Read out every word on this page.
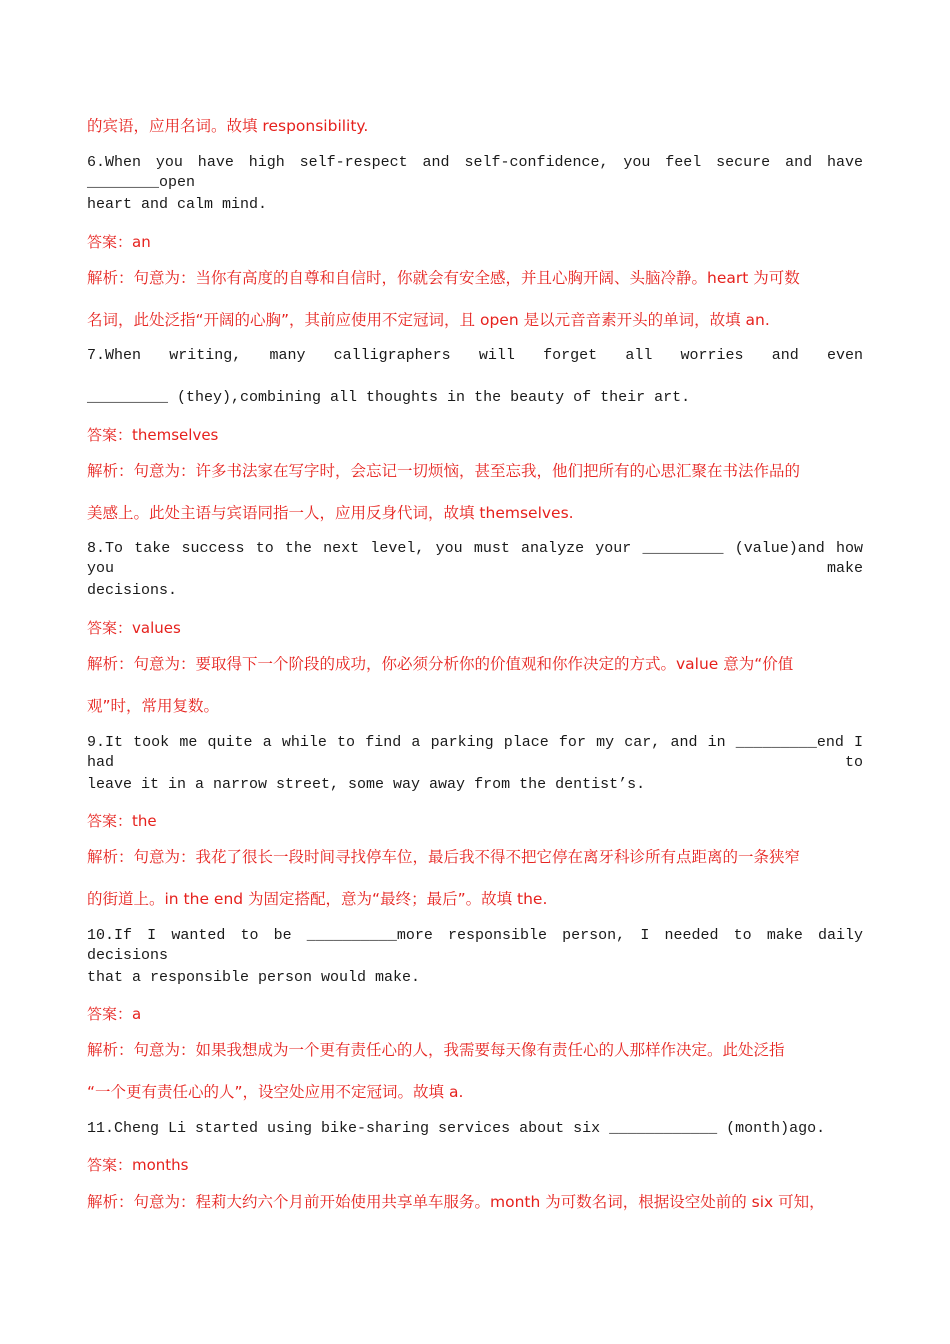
的宾语，应用名词。故填 responsibility.
6.When you have high self-respect and self-confidence, you feel secure and have ________open
heart and calm mind.
答案：an
解析：句意为：当你有高度的自尊和自信时，你就会有安全感，并且心胸开阔、头脑冷静。heart 为可数
名词，此处泛指“开阔的心胸”，其前应使用不定冠词，且 open 是以元音音素开头的单词，故填 an.
7.When writing, many calligraphers will forget all worries and even
_________ (they),combining all thoughts in the beauty of their art.
答案：themselves
解析：句意为：许多书法家在写字时，会忘记一切烦恼，甚至忘我，他们把所有的心思汇聚在书法作品的
美感上。此处主语与宾语同指一人，应用反身代词，故填 themselves.
8.To take success to the next level, you must analyze your _________ (value)and how you make
decisions.
答案：values
解析：句意为：要取得下一个阶段的成功，你必须分析你的价值观和你作决定的方式。value 意为“价值
观”时，常用复数。
9.It took me quite a while to find a parking place for my car, and in _________end I had to
leave it in a narrow street, some way away from the dentist’s.
答案：the
解析：句意为：我花了很长一段时间寻找停车位，最后我不得不把它停在离牙科诊所有点距离的一条狭窄
的街道上。in the end 为固定搭配，意为“最终；最后”。故填 the.
10.If I wanted to be __________more responsible person, I needed to make daily decisions
that a responsible person would make.
答案：a
解析：句意为：如果我想成为一个更有责任心的人，我需要每天像有责任心的人那样作决定。此处泛指
“一个更有责任心的人”，设空处应用不定冠词。故填 a.
11.Cheng Li started using bike-sharing services about six ____________ (month)ago.
答案：months
解析：句意为：程莉大约六个月前开始使用共享单车服务。month 为可数名词，根据设空处前的 six 可知，
